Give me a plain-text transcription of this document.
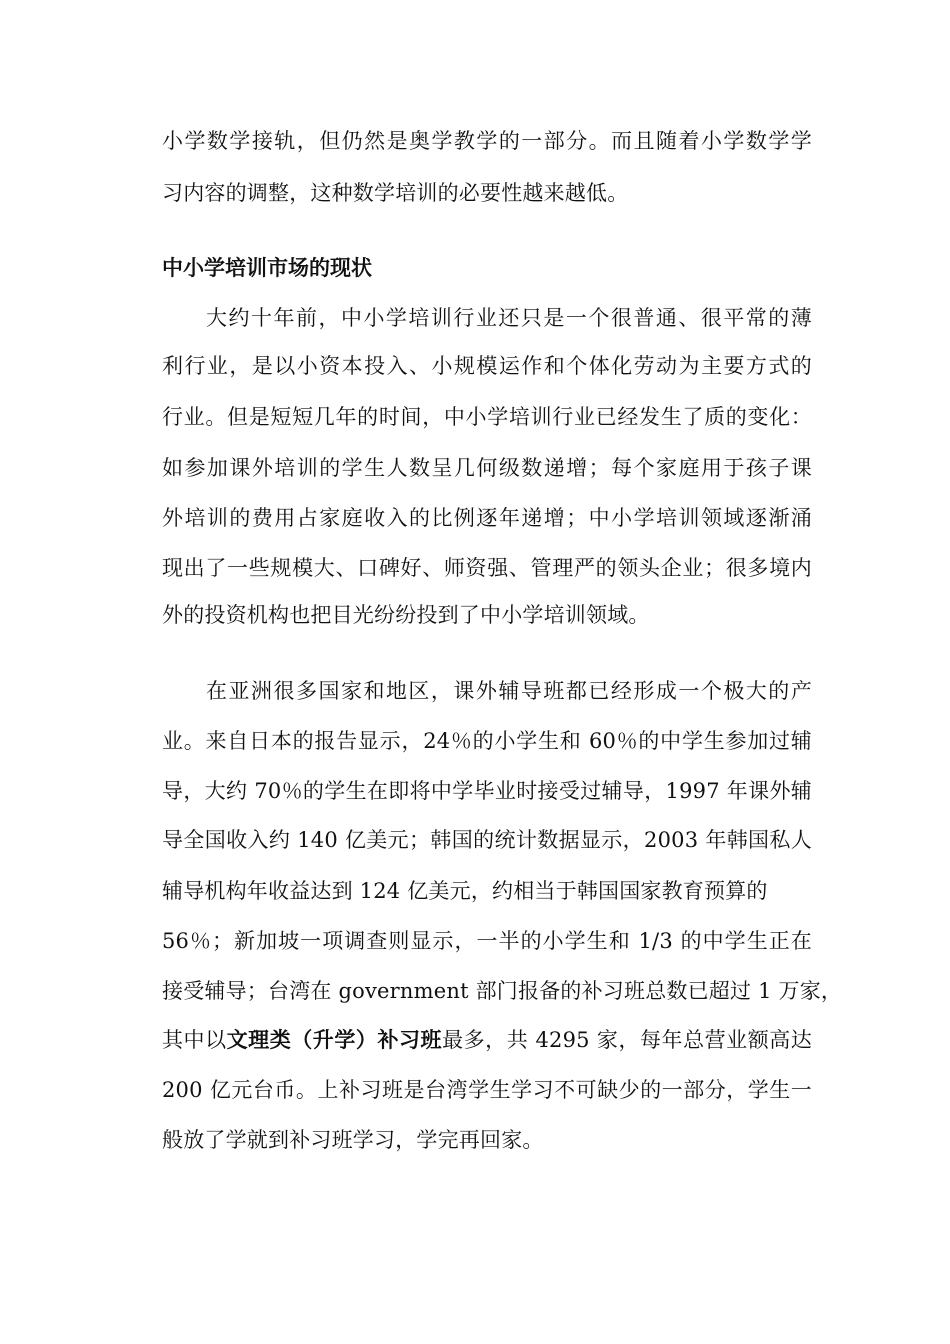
小学数学接轨，但仍然是奥学教学的一部分。而且随着小学数学学
习内容的调整，这种数学培训的必要性越来越低。
中小学培训市场的现状
大约十年前，中小学培训行业还只是一个很普通、很平常的薄
利行业，是以小资本投入、小规模运作和个体化劳动为主要方式的
行业。但是短短几年的时间，中小学培训行业已经发生了质的变化：
如参加课外培训的学生人数呈几何级数递增；每个家庭用于孩子课
外培训的费用占家庭收入的比例逐年递增；中小学培训领域逐渐涌
现出了一些规模大、口碑好、师资强、管理严的领头企业；很多境内
外的投资机构也把目光纷纷投到了中小学培训领域。
在亚洲很多国家和地区，课外辅导班都已经形成一个极大的产
业。来自日本的报告显示，24％的小学生和 60％的中学生参加过辅
导，大约 70％的学生在即将中学毕业时接受过辅导，1997 年课外辅
导全国收入约 140 亿美元；韩国的统计数据显示，2003 年韩国私人
辅导机构年收益达到 124 亿美元，约相当于韩国国家教育预算的
56％；新加坡一项调查则显示，一半的小学生和 1/3 的中学生正在
接受辅导；台湾在 government 部门报备的补习班总数已超过 1 万家，
其中以文理类（升学）补习班最多，共 4295 家，每年总营业额高达
200 亿元台币。上补习班是台湾学生学习不可缺少的一部分，学生一
般放了学就到补习班学习，学完再回家。
